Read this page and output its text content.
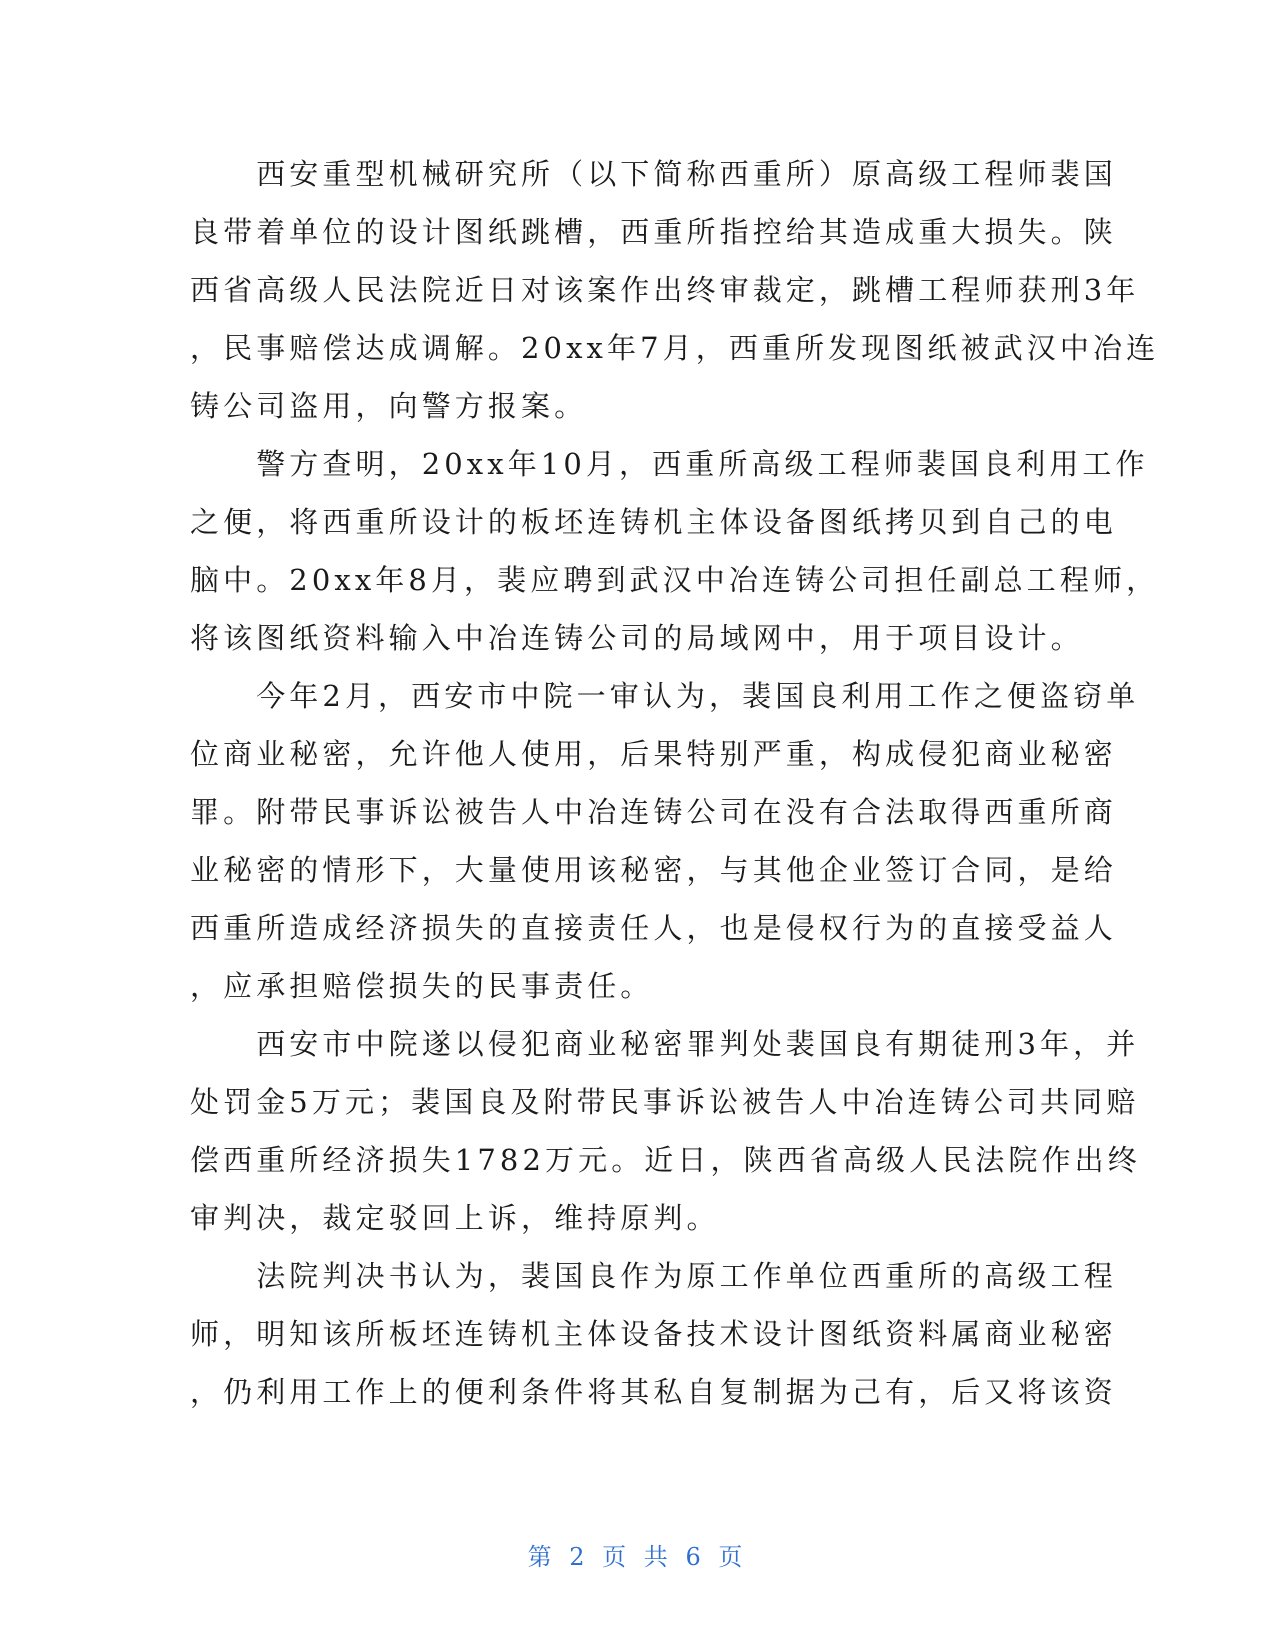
　　西安重型机械研究所（以下简称西重所）原高级工程师裴国
良带着单位的设计图纸跳槽，西重所指控给其造成重大损失。陕
西省高级人民法院近日对该案作出终审裁定，跳槽工程师获刑3年
，民事赔偿达成调解。20xx年7月，西重所发现图纸被武汉中冶连
铸公司盗用，向警方报案。
　　警方查明，20xx年10月，西重所高级工程师裴国良利用工作
之便，将西重所设计的板坯连铸机主体设备图纸拷贝到自己的电
脑中。20xx年8月，裴应聘到武汉中冶连铸公司担任副总工程师，
将该图纸资料输入中冶连铸公司的局域网中，用于项目设计。
　　今年2月，西安市中院一审认为，裴国良利用工作之便盗窃单
位商业秘密，允许他人使用，后果特别严重，构成侵犯商业秘密
罪。附带民事诉讼被告人中冶连铸公司在没有合法取得西重所商
业秘密的情形下，大量使用该秘密，与其他企业签订合同，是给
西重所造成经济损失的直接责任人，也是侵权行为的直接受益人
，应承担赔偿损失的民事责任。
　　西安市中院遂以侵犯商业秘密罪判处裴国良有期徒刑3年，并
处罚金5万元；裴国良及附带民事诉讼被告人中冶连铸公司共同赔
偿西重所经济损失1782万元。近日，陕西省高级人民法院作出终
审判决，裁定驳回上诉，维持原判。
　　法院判决书认为，裴国良作为原工作单位西重所的高级工程
师，明知该所板坯连铸机主体设备技术设计图纸资料属商业秘密
，仍利用工作上的便利条件将其私自复制据为己有，后又将该资
第 2 页 共 6 页
